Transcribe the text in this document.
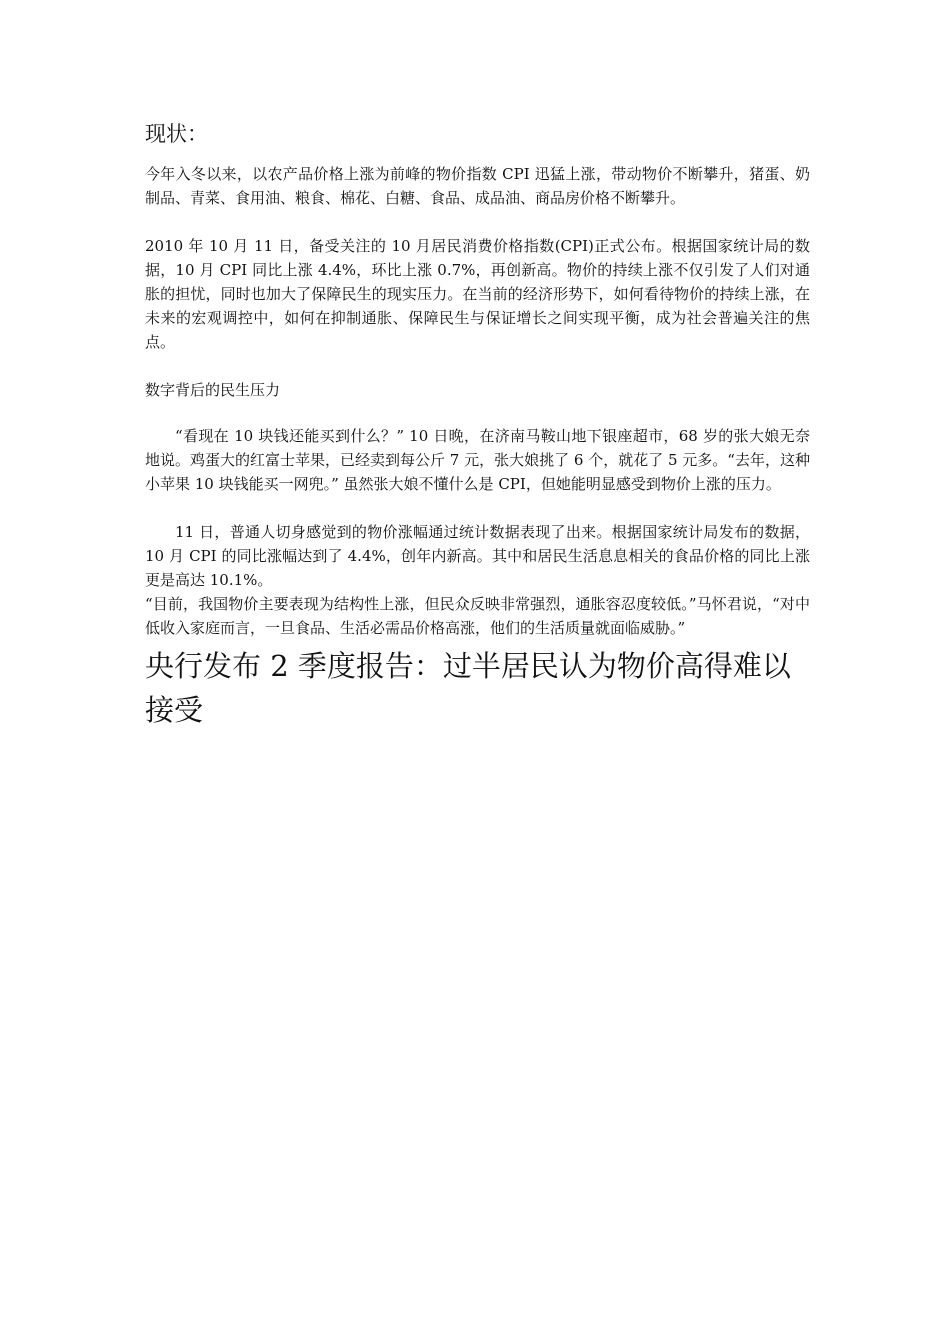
现状：

今年入冬以来，以农产品价格上涨为前峰的物价指数 CPI 迅猛上涨，带动物价不断攀升，猪蛋、奶制品、青菜、食用油、粮食、棉花、白糖、食品、成品油、商品房价格不断攀升。

2010 年 10 月 11 日，备受关注的 10 月居民消费价格指数(CPI)正式公布。根据国家统计局的数据，10 月 CPI 同比上涨 4.4%，环比上涨 0.7%，再创新高。物价的持续上涨不仅引发了人们对通胀的担忧，同时也加大了保障民生的现实压力。在当前的经济形势下，如何看待物价的持续上涨，在未来的宏观调控中，如何在抑制通胀、保障民生与保证增长之间实现平衡，成为社会普遍关注的焦点。

数字背后的民生压力

“看现在 10 块钱还能买到什么？” 10 日晚，在济南马鞍山地下银座超市，68 岁的张大娘无奈地说。鸡蛋大的红富士苹果，已经卖到每公斤 7 元，张大娘挑了 6 个，就花了 5 元多。“去年，这种小苹果 10 块钱能买一网兜。” 虽然张大娘不懂什么是 CPI，但她能明显感受到物价上涨的压力。

11 日，普通人切身感觉到的物价涨幅通过统计数据表现了出来。根据国家统计局发布的数据，10 月 CPI 的同比涨幅达到了 4.4%，创年内新高。其中和居民生活息息相关的食品价格的同比上涨更是高达 10.1%。

“目前，我国物价主要表现为结构性上涨，但民众反映非常强烈，通胀容忍度较低。”马怀君说，“对中低收入家庭而言，一旦食品、生活必需品价格高涨，他们的生活质量就面临威胁。”

央行发布 2 季度报告：过半居民认为物价高得难以接受
